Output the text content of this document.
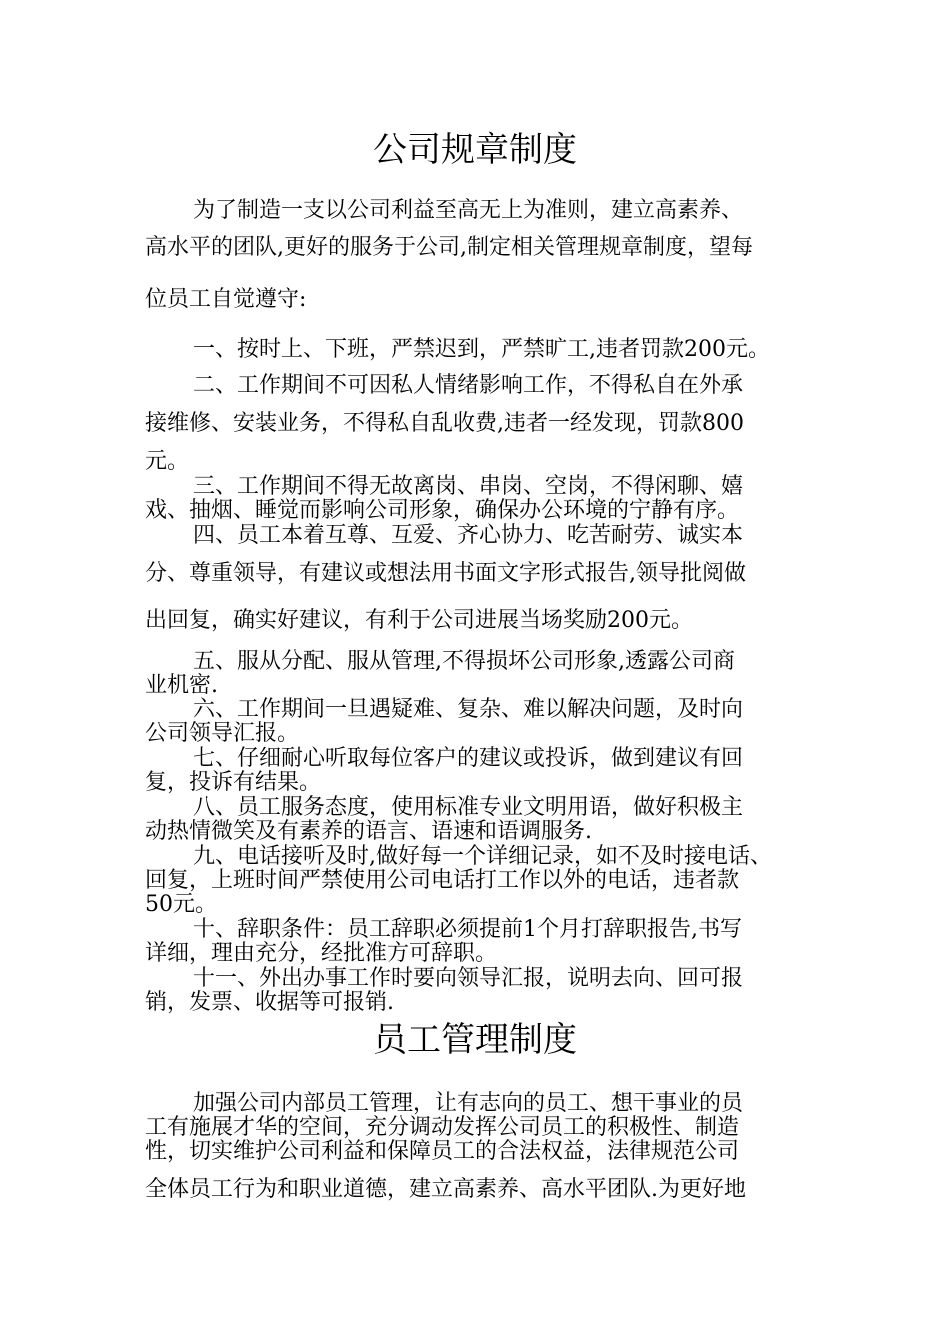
公司规章制度
为了制造一支以公司利益至高无上为准则，建立高素养、
高水平的团队,更好的服务于公司,制定相关管理规章制度，望每
位员工自觉遵守:
一、按时上、下班，严禁迟到，严禁旷工,违者罚款200元。
二、工作期间不可因私人情绪影响工作，不得私自在外承
接维修、安装业务，不得私自乱收费,违者一经发现，罚款800
元。
三、工作期间不得无故离岗、串岗、空岗，不得闲聊、嬉
戏、抽烟、睡觉而影响公司形象，确保办公环境的宁静有序。
四、员工本着互尊、互爱、齐心协力、吃苦耐劳、诚实本
分、尊重领导，有建议或想法用书面文字形式报告,领导批阅做
出回复，确实好建议，有利于公司进展当场奖励200元。
五、服从分配、服从管理,不得损坏公司形象,透露公司商
业机密.
六、工作期间一旦遇疑难、复杂、难以解决问题，及时向
公司领导汇报。
七、仔细耐心听取每位客户的建议或投诉，做到建议有回
复，投诉有结果。
八、员工服务态度，使用标准专业文明用语，做好积极主
动热情微笑及有素养的语言、语速和语调服务.
九、电话接听及时,做好每一个详细记录，如不及时接电话、
回复，上班时间严禁使用公司电话打工作以外的电话，违者款
50元。
十、辞职条件：员工辞职必须提前1个月打辞职报告,书写
详细，理由充分，经批准方可辞职。
十一、外出办事工作时要向领导汇报，说明去向、回可报
销，发票、收据等可报销.
员工管理制度
加强公司内部员工管理，让有志向的员工、想干事业的员
工有施展才华的空间，充分调动发挥公司员工的积极性、制造
性，切实维护公司利益和保障员工的合法权益，法律规范公司
全体员工行为和职业道德，建立高素养、高水平团队.为更好地
